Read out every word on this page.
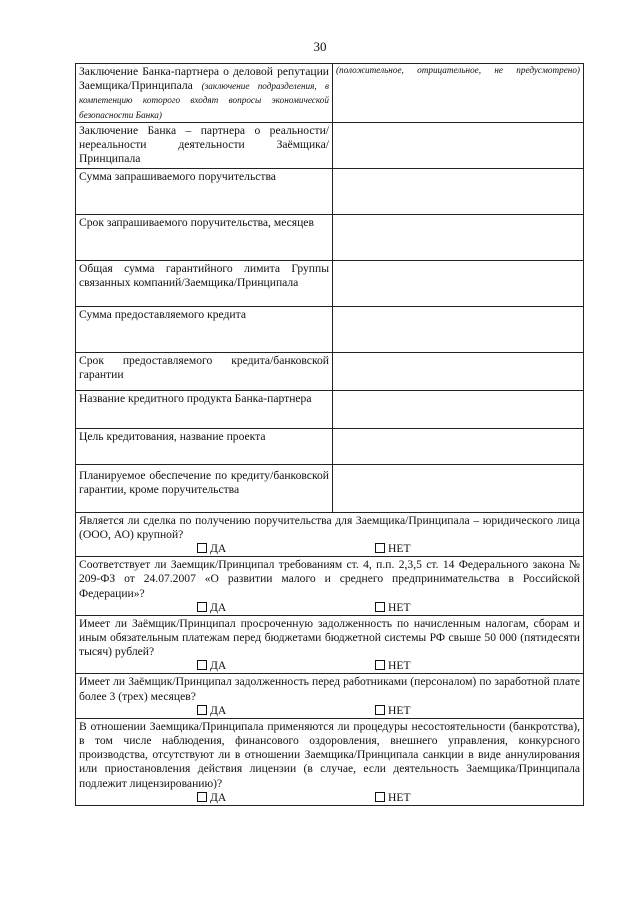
30
Заключение Банка-партнера о деловой репутации Заемщика/Принципала (заключение подразделения, в компетенцию которого входят вопросы экономической безопасности Банка)	(положительное, отрицательное, не предусмотрено)

Заключение Банка – партнера о реальности/нереальности деятельности Заёмщика/Принципала	
Сумма запрашиваемого поручительства	
Срок запрашиваемого поручительства, месяцев	
Общая сумма гарантийного лимита Группы связанных компаний/Заемщика/Принципала	
Сумма предоставляемого кредита	
Срок предоставляемого кредита/банковской гарантии	
Название кредитного продукта Банка-партнера	
Цель кредитования, название проекта	
Планируемое обеспечение по кредиту/банковской гарантии, кроме поручительства	

Является ли сделка по получению поручительства для Заемщика/Принципала – юридического лица (ООО, АО) крупной?
ДА НЕТ	

Соответствует ли Заемщик/Принципал требованиям ст. 4, п.п. 2,3,5 ст. 14 Федерального закона № 209-ФЗ от 24.07.2007 «О развитии малого и среднего предпринимательства в Российской Федерации»?
ДА НЕТ	

Имеет ли Заёмщик/Принципал просроченную задолженность по начисленным налогам, сборам и иным обязательным платежам перед бюджетами бюджетной системы РФ свыше 50 000 (пятидесяти тысяч) рублей?
ДА НЕТ	

Имеет ли Заёмщик/Принципал задолженность перед работниками (персоналом) по заработной плате более 3 (трех) месяцев?
ДА НЕТ	

В отношении Заемщика/Принципала применяются ли процедуры несостоятельности (банкротства), в том числе наблюдения, финансового оздоровления, внешнего управления, конкурсного производства, отсутствуют ли в отношении Заемщика/Принципала санкции в виде аннулирования или приостановления действия лицензии (в случае, если деятельность Заемщика/Принципала подлежит лицензированию)?
ДА НЕТ	
